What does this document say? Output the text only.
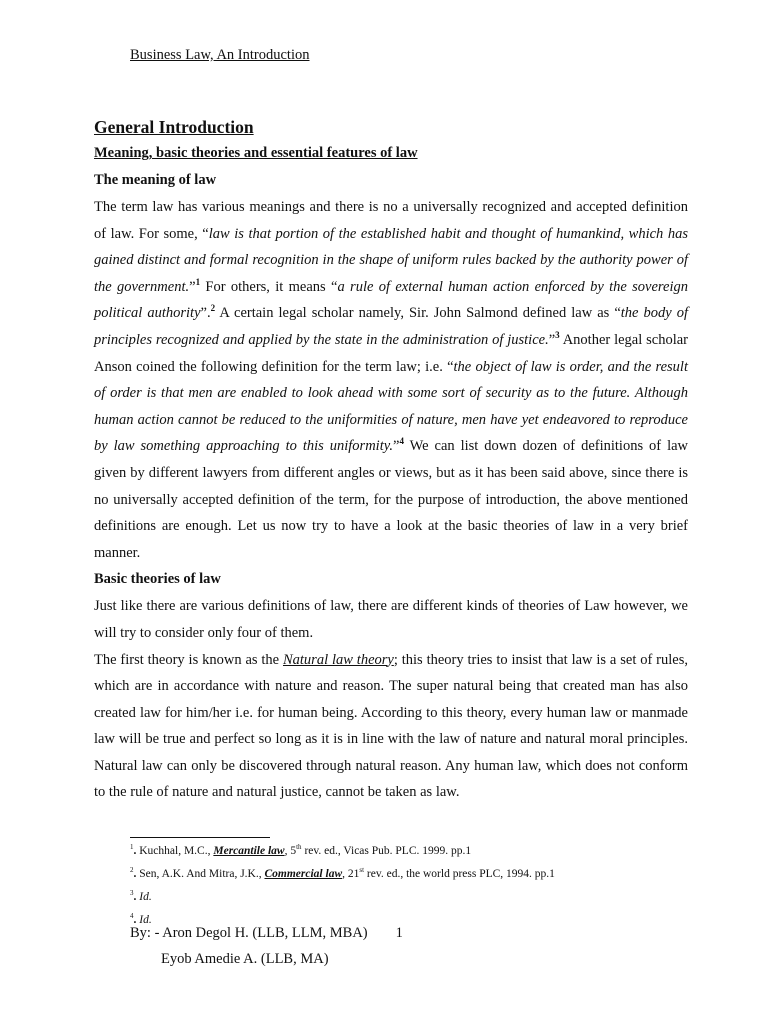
Business Law, An Introduction
General Introduction
Meaning, basic theories and essential features of law
The meaning of law

The term law has various meanings and there is no a universally recognized and accepted definition of law. For some, “law is that portion of the established habit and thought of humankind, which has gained distinct and formal recognition in the shape of uniform rules backed by the authority power of the government.”$^1$ For others, it means “a rule of external human action enforced by the sovereign political authority”.$^2$ A certain legal scholar namely, Sir. John Salmond defined law as “the body of principles recognized and applied by the state in the administration of justice.”$^3$ Another legal scholar Anson coined the following definition for the term law; i.e. “the object of law is order, and the result of order is that men are enabled to look ahead with some sort of security as to the future. Although human action cannot be reduced to the uniformities of nature, men have yet endeavored to reproduce by law something approaching to this uniformity.”$^4$ We can list down dozen of definitions of law given by different lawyers from different angles or views, but as it has been said above, since there is no universally accepted definition of the term, for the purpose of introduction, the above mentioned definitions are enough. Let us now try to have a look at the basic theories of law in a very brief manner.

Basic theories of law

Just like there are various definitions of law, there are different kinds of theories of Law however, we will try to consider only four of them.

The first theory is known as the Natural law theory; this theory tries to insist that law is a set of rules, which are in accordance with nature and reason. The super natural being that created man has also created law for him/her i.e. for human being. According to this theory, every human law or manmade law will be true and perfect so long as it is in line with the law of nature and natural moral principles. Natural law can only be discovered through natural reason. Any human law, which does not conform to the rule of nature and natural justice, cannot be taken as law.

$^1$. Kuchhal, M.C., Mercantile law, 5th rev. ed., Vicas Pub. PLC. 1999. pp.1
$^2$. Sen, A.K. And Mitra, J.K., Commercial law, 21st rev. ed., the world press PLC, 1994. pp.1
$^3$. Id.
$^4$. Id.
By: - Aron Degol H. (LLB, LLM, MBA) 1
Eyob Amedie A. (LLB, MA)
